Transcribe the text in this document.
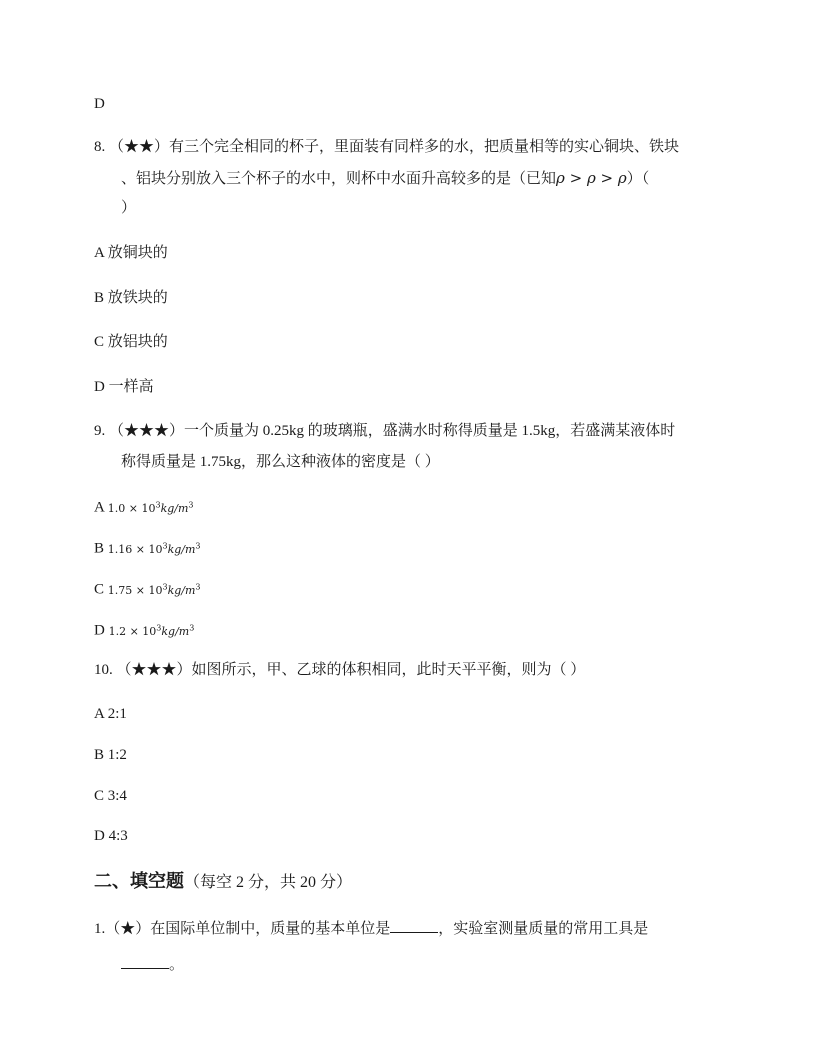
D
8. （★★）有三个完全相同的杯子，里面装有同样多的水，把质量相等的实心铜块、铁块
、铝块分别放入三个杯子的水中，则杯中水面升高较多的是（已知ρ > ρ > ρ）（
）
A 放铜块的
B 放铁块的
C 放铝块的
D 一样高
9. （★★★）一个质量为 0.25kg 的玻璃瓶，盛满水时称得质量是 1.5kg，若盛满某液体时
称得质量是 1.75kg，那么这种液体的密度是（ ）
A $1.0 \times 10^3kg/m^3$
B $1.16 \times 10^3kg/m^3$
C $1.75 \times 10^3kg/m^3$
D $1.2 \times 10^3kg/m^3$
10. （★★★）如图所示，甲、乙球的体积相同，此时天平平衡，则为（ ）
A 2:1
B 1:2
C 3:4
D 4:3
二、填空题（每空 2 分，共 20 分）
1.（★）在国际单位制中，质量的基本单位是	，实验室测量质量的常用工具是
。
